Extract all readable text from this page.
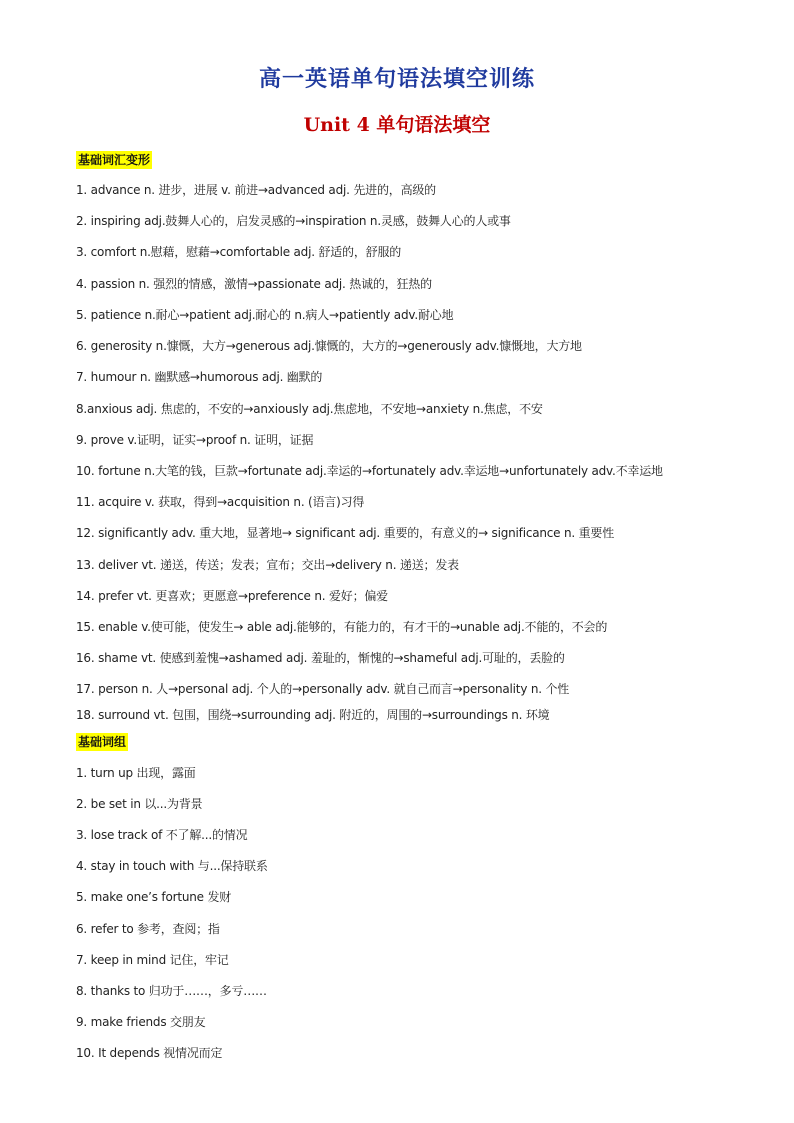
高一英语单句语法填空训练
Unit 4 单句语法填空
基础词汇变形
1. advance n. 进步，进展 v. 前进→advanced adj. 先进的，高级的
2. inspiring adj.鼓舞人心的，启发灵感的→inspiration n.灵感，鼓舞人心的人或事
3. comfort n.慰藉，慰藉→comfortable adj. 舒适的，舒服的
4. passion n. 强烈的情感，激情→passionate adj. 热诚的，狂热的
5. patience n.耐心→patient adj.耐心的 n.病人→patiently adv.耐心地
6. generosity n.慷慨，大方→generous adj.慷慨的，大方的→generously adv.慷慨地，大方地
7. humour n. 幽默感→humorous adj. 幽默的
8.anxious adj. 焦虑的，不安的→anxiously adj.焦虑地，不安地→anxiety n.焦虑，不安
9. prove v.证明，证实→proof n. 证明，证据
10. fortune n.大笔的钱，巨款→fortunate adj.幸运的→fortunately adv.幸运地→unfortunately adv.不幸运地
11. acquire v. 获取，得到→acquisition n. (语言)习得
12. significantly adv. 重大地，显著地→ significant adj. 重要的，有意义的→ significance n. 重要性
13. deliver vt. 递送，传送；发表；宣布；交出→delivery n. 递送；发表
14. prefer vt. 更喜欢；更愿意→preference n. 爱好；偏爱
15. enable v.使可能，使发生→ able adj.能够的，有能力的，有才干的→unable adj.不能的，不会的
16. shame vt. 使感到羞愧→ashamed adj. 羞耻的，惭愧的→shameful adj.可耻的，丢脸的
17. person n. 人→personal adj. 个人的→personally adv. 就自己而言→personality n. 个性
18. surround vt. 包围，围绕→surrounding adj. 附近的，周围的→surroundings n. 环境
基础词组
1. turn up 出现，露面
2. be set in 以...为背景
3. lose track of 不了解...的情况
4. stay in touch with 与...保持联系
5. make one’s fortune 发财
6. refer to 参考，查阅；指
7. keep in mind 记住，牢记
8. thanks to 归功于……，多亏……
9. make friends 交朋友
10. It depends 视情况而定
